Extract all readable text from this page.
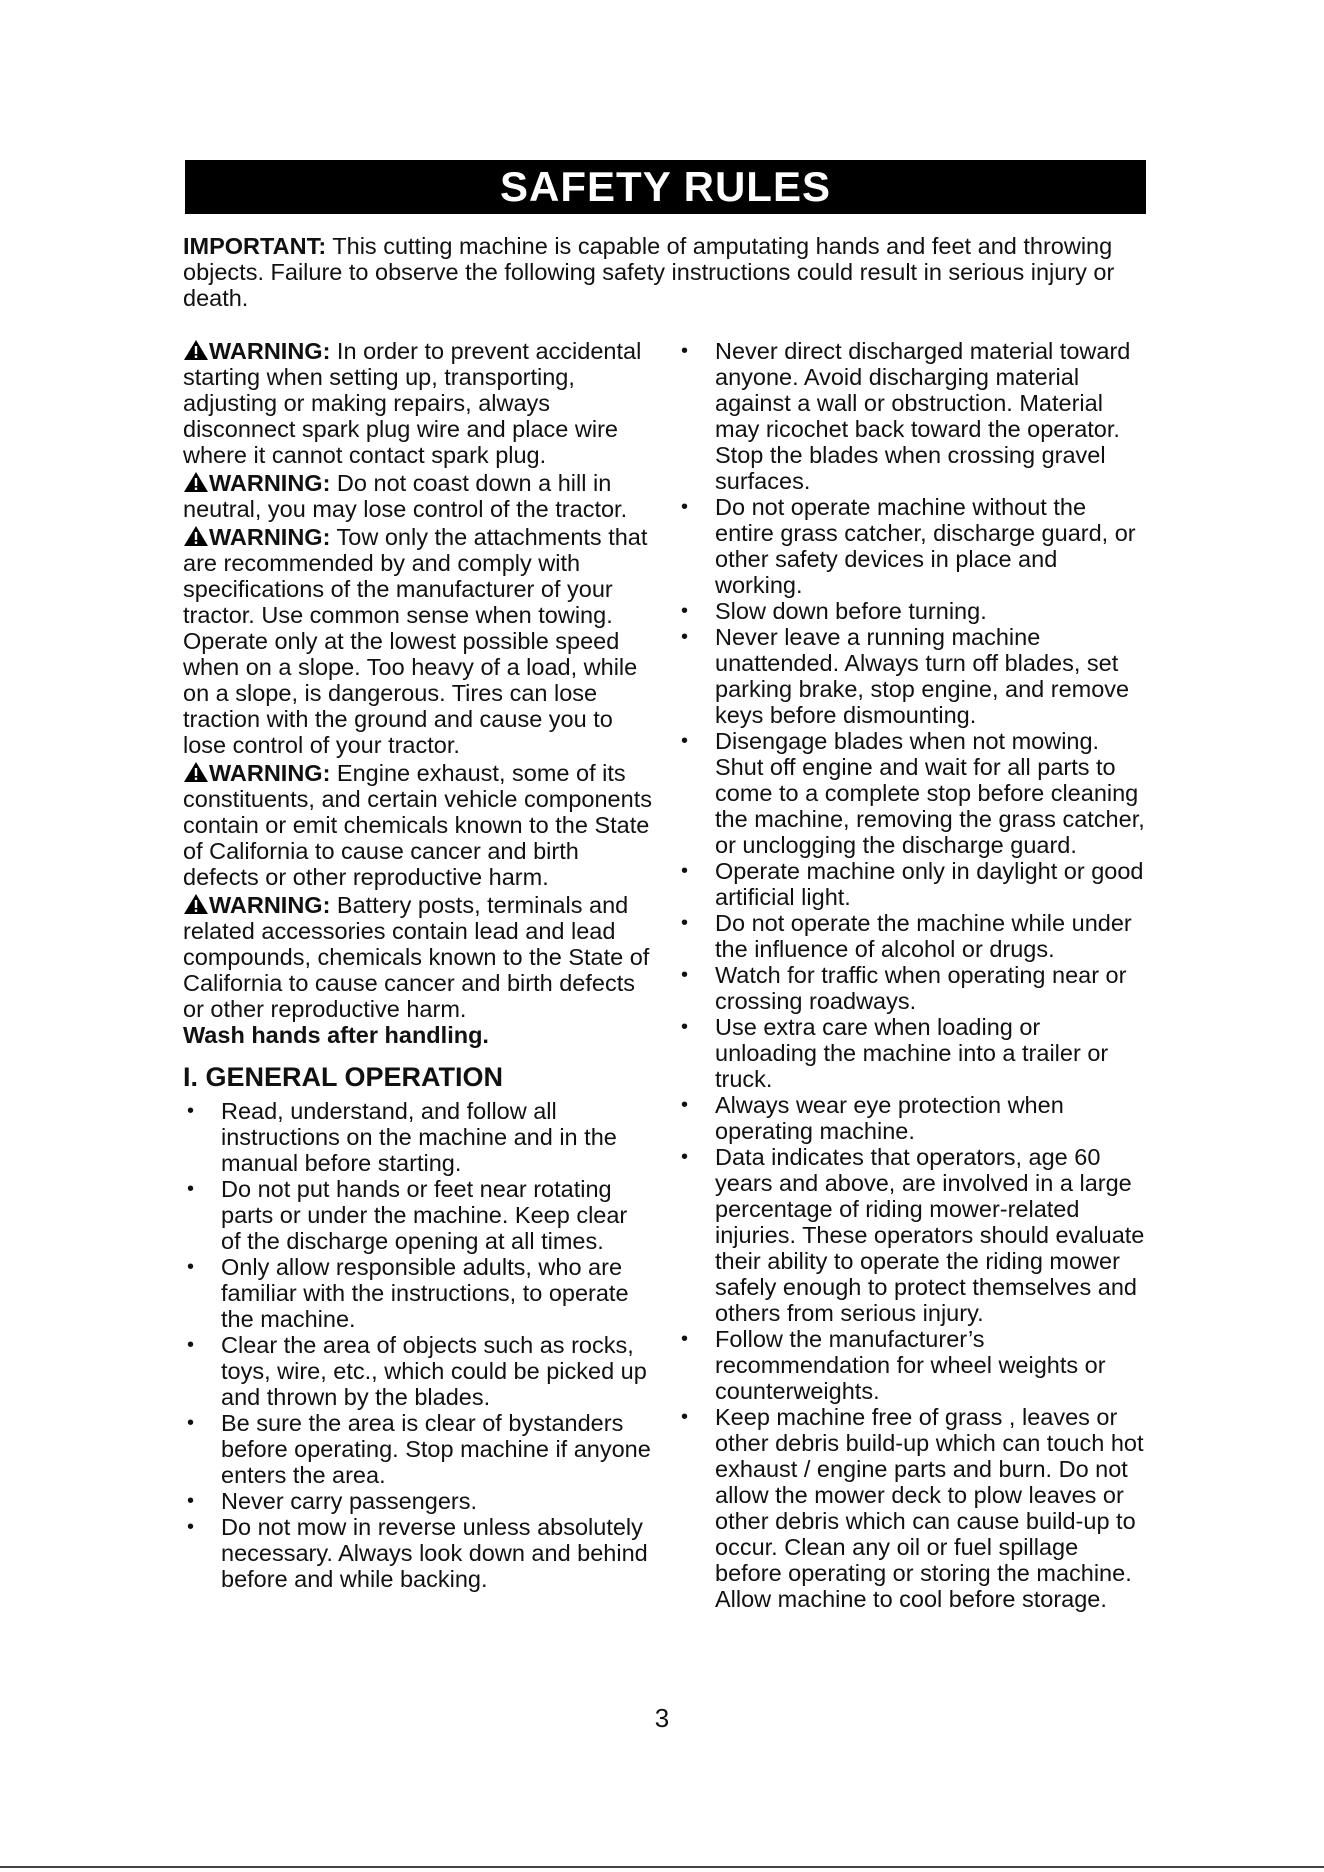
SAFETY RULES
IMPORTANT: This cutting machine is capable of amputating hands and feet and throwing objects. Failure to observe the following safety instructions could result in serious injury or death.
WARNING: In order to prevent accidental starting when setting up, transporting, adjusting or making repairs, always disconnect spark plug wire and place wire where it cannot contact spark plug.
WARNING: Do not coast down a hill in neutral, you may lose control of the tractor.
WARNING: Tow only the attachments that are recommended by and comply with specifications of the manufacturer of your tractor. Use common sense when towing. Operate only at the lowest possible speed when on a slope. Too heavy of a load, while on a slope, is dangerous. Tires can lose traction with the ground and cause you to lose control of your tractor.
WARNING: Engine exhaust, some of its constituents, and certain vehicle components contain or emit chemicals known to the State of California to cause cancer and birth defects or other reproductive harm.
WARNING: Battery posts, terminals and related accessories contain lead and lead compounds, chemicals known to the State of California to cause cancer and birth defects or other reproductive harm.
Wash hands after handling.
I. GENERAL OPERATION
• Read, understand, and follow all instructions on the machine and in the manual before starting.
• Do not put hands or feet near rotating parts or under the machine. Keep clear of the discharge opening at all times.
• Only allow responsible adults, who are familiar with the instructions, to operate the machine.
• Clear the area of objects such as rocks, toys, wire, etc., which could be picked up and thrown by the blades.
• Be sure the area is clear of bystanders before operating. Stop machine if anyone enters the area.
• Never carry passengers.
• Do not mow in reverse unless absolutely necessary. Always look down and behind before and while backing.
• Never direct discharged material toward anyone. Avoid discharging material against a wall or obstruction. Material may ricochet back toward the operator. Stop the blades when crossing gravel surfaces.
• Do not operate machine without the entire grass catcher, discharge guard, or other safety devices in place and working.
• Slow down before turning.
• Never leave a running machine unattended. Always turn off blades, set parking brake, stop engine, and remove keys before dismounting.
• Disengage blades when not mowing. Shut off engine and wait for all parts to come to a complete stop before cleaning the machine, removing the grass catcher, or unclogging the discharge guard.
• Operate machine only in daylight or good artificial light.
• Do not operate the machine while under the influence of alcohol or drugs.
• Watch for traffic when operating near or crossing roadways.
• Use extra care when loading or unloading the machine into a trailer or truck.
• Always wear eye protection when operating machine.
• Data indicates that operators, age 60 years and above, are involved in a large percentage of riding mower-related injuries. These operators should evaluate their ability to operate the riding mower safely enough to protect themselves and others from serious injury.
• Follow the manufacturer’s recommendation for wheel weights or counterweights.
• Keep machine free of grass , leaves or other debris build-up which can touch hot exhaust / engine parts and burn. Do not allow the mower deck to plow leaves or other debris which can cause build-up to occur. Clean any oil or fuel spillage before operating or storing the machine. Allow machine to cool before storage.
3
